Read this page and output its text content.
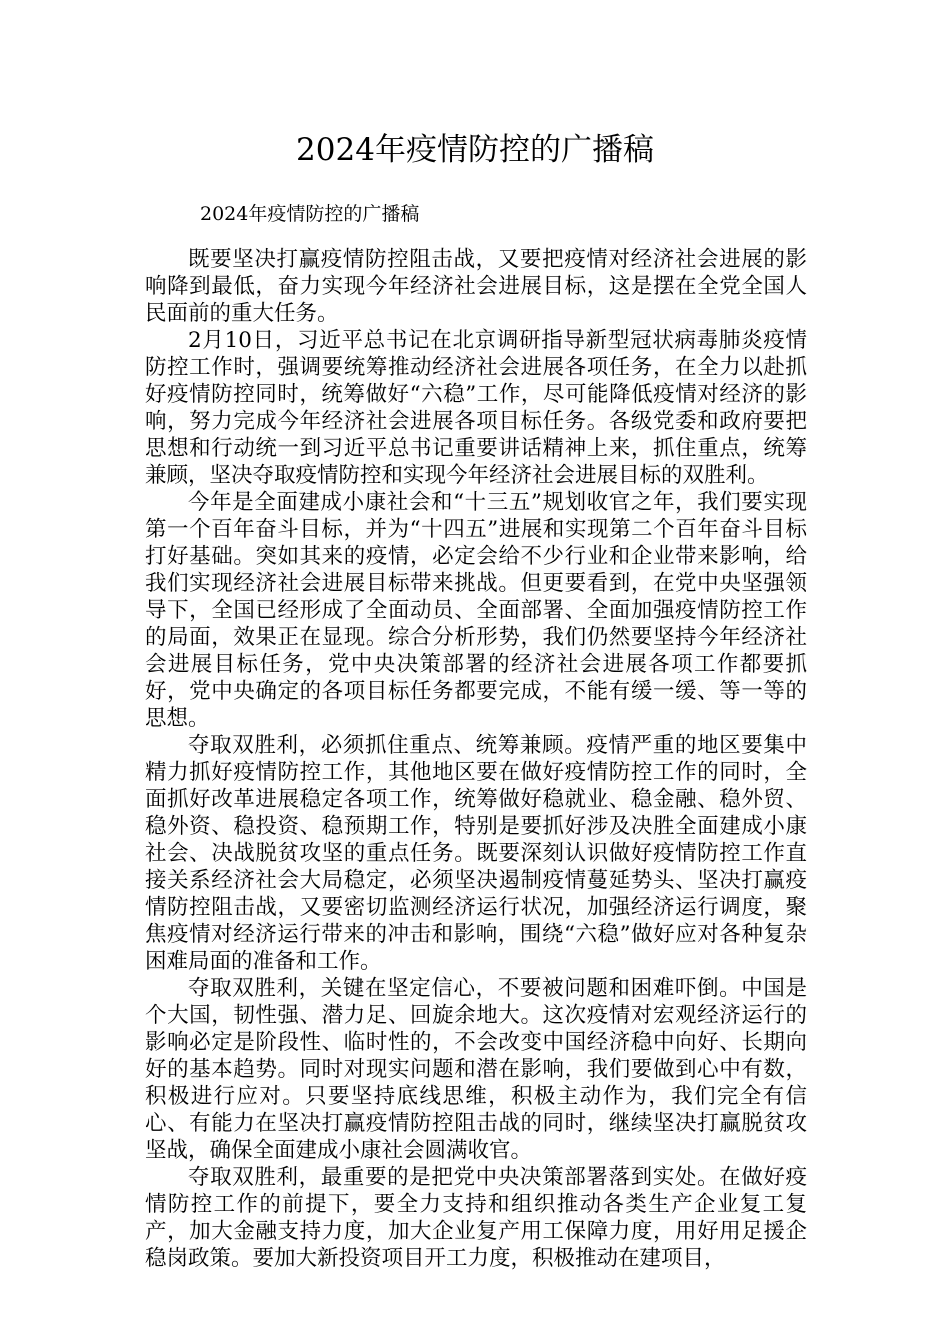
2024年疫情防控的广播稿
2024年疫情防控的广播稿

既要坚决打赢疫情防控阻击战，又要把疫情对经济社会进展的影响降到最低，奋力实现今年经济社会进展目标，这是摆在全党全国人民面前的重大任务。

2月10日，习近平总书记在北京调研指导新型冠状病毒肺炎疫情防控工作时，强调要统筹推动经济社会进展各项任务，在全力以赴抓好疫情防控同时，统筹做好“六稳”工作，尽可能降低疫情对经济的影响，努力完成今年经济社会进展各项目标任务。各级党委和政府要把思想和行动统一到习近平总书记重要讲话精神上来，抓住重点，统筹兼顾，坚决夺取疫情防控和实现今年经济社会进展目标的双胜利。

今年是全面建成小康社会和“十三五”规划收官之年，我们要实现第一个百年奋斗目标，并为“十四五”进展和实现第二个百年奋斗目标打好基础。突如其来的疫情，必定会给不少行业和企业带来影响，给我们实现经济社会进展目标带来挑战。但更要看到，在党中央坚强领导下，全国已经形成了全面动员、全面部署、全面加强疫情防控工作的局面，效果正在显现。综合分析形势，我们仍然要坚持今年经济社会进展目标任务，党中央决策部署的经济社会进展各项工作都要抓好，党中央确定的各项目标任务都要完成，不能有缓一缓、等一等的思想。

夺取双胜利，必须抓住重点、统筹兼顾。疫情严重的地区要集中精力抓好疫情防控工作，其他地区要在做好疫情防控工作的同时，全面抓好改革进展稳定各项工作，统筹做好稳就业、稳金融、稳外贸、稳外资、稳投资、稳预期工作，特别是要抓好涉及决胜全面建成小康社会、决战脱贫攻坚的重点任务。既要深刻认识做好疫情防控工作直接关系经济社会大局稳定，必须坚决遏制疫情蔓延势头、坚决打赢疫情防控阻击战，又要密切监测经济运行状况，加强经济运行调度，聚焦疫情对经济运行带来的冲击和影响，围绕“六稳”做好应对各种复杂困难局面的准备和工作。

夺取双胜利，关键在坚定信心，不要被问题和困难吓倒。中国是个大国，韧性强、潜力足、回旋余地大。这次疫情对宏观经济运行的影响必定是阶段性、临时性的，不会改变中国经济稳中向好、长期向好的基本趋势。同时对现实问题和潜在影响，我们要做到心中有数，积极进行应对。只要坚持底线思维，积极主动作为，我们完全有信心、有能力在坚决打赢疫情防控阻击战的同时，继续坚决打赢脱贫攻坚战，确保全面建成小康社会圆满收官。

夺取双胜利，最重要的是把党中央决策部署落到实处。在做好疫情防控工作的前提下，要全力支持和组织推动各类生产企业复工复产，加大金融支持力度，加大企业复产用工保障力度，用好用足援企稳岗政策。要加大新投资项目开工力度，积极推动在建项目，
